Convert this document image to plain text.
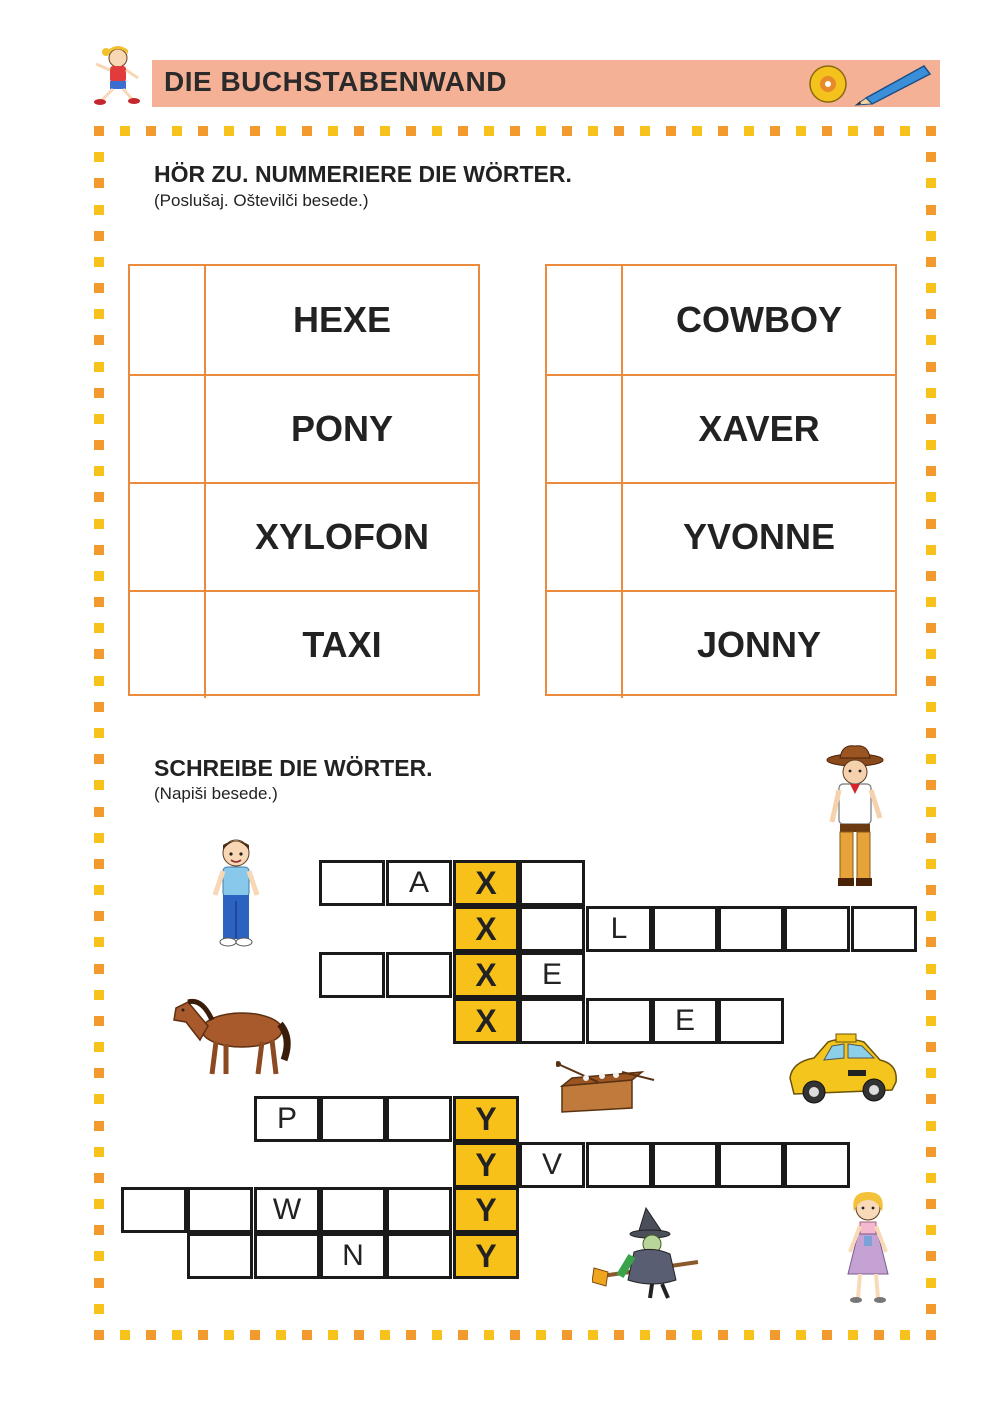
DIE BUCHSTABENWAND
HÖR ZU. NUMMERIERE DIE WÖRTER.
(Poslušaj. Oštevilči besede.)
HEXE
PONY
XYLOFON
TAXI
COWBOY
XAVER
YVONNE
JONNY
SCHREIBE DIE WÖRTER.
(Napiši besede.)
A	X
X	L
X	E
X	E
P	Y
Y	V
W	Y
N	Y
